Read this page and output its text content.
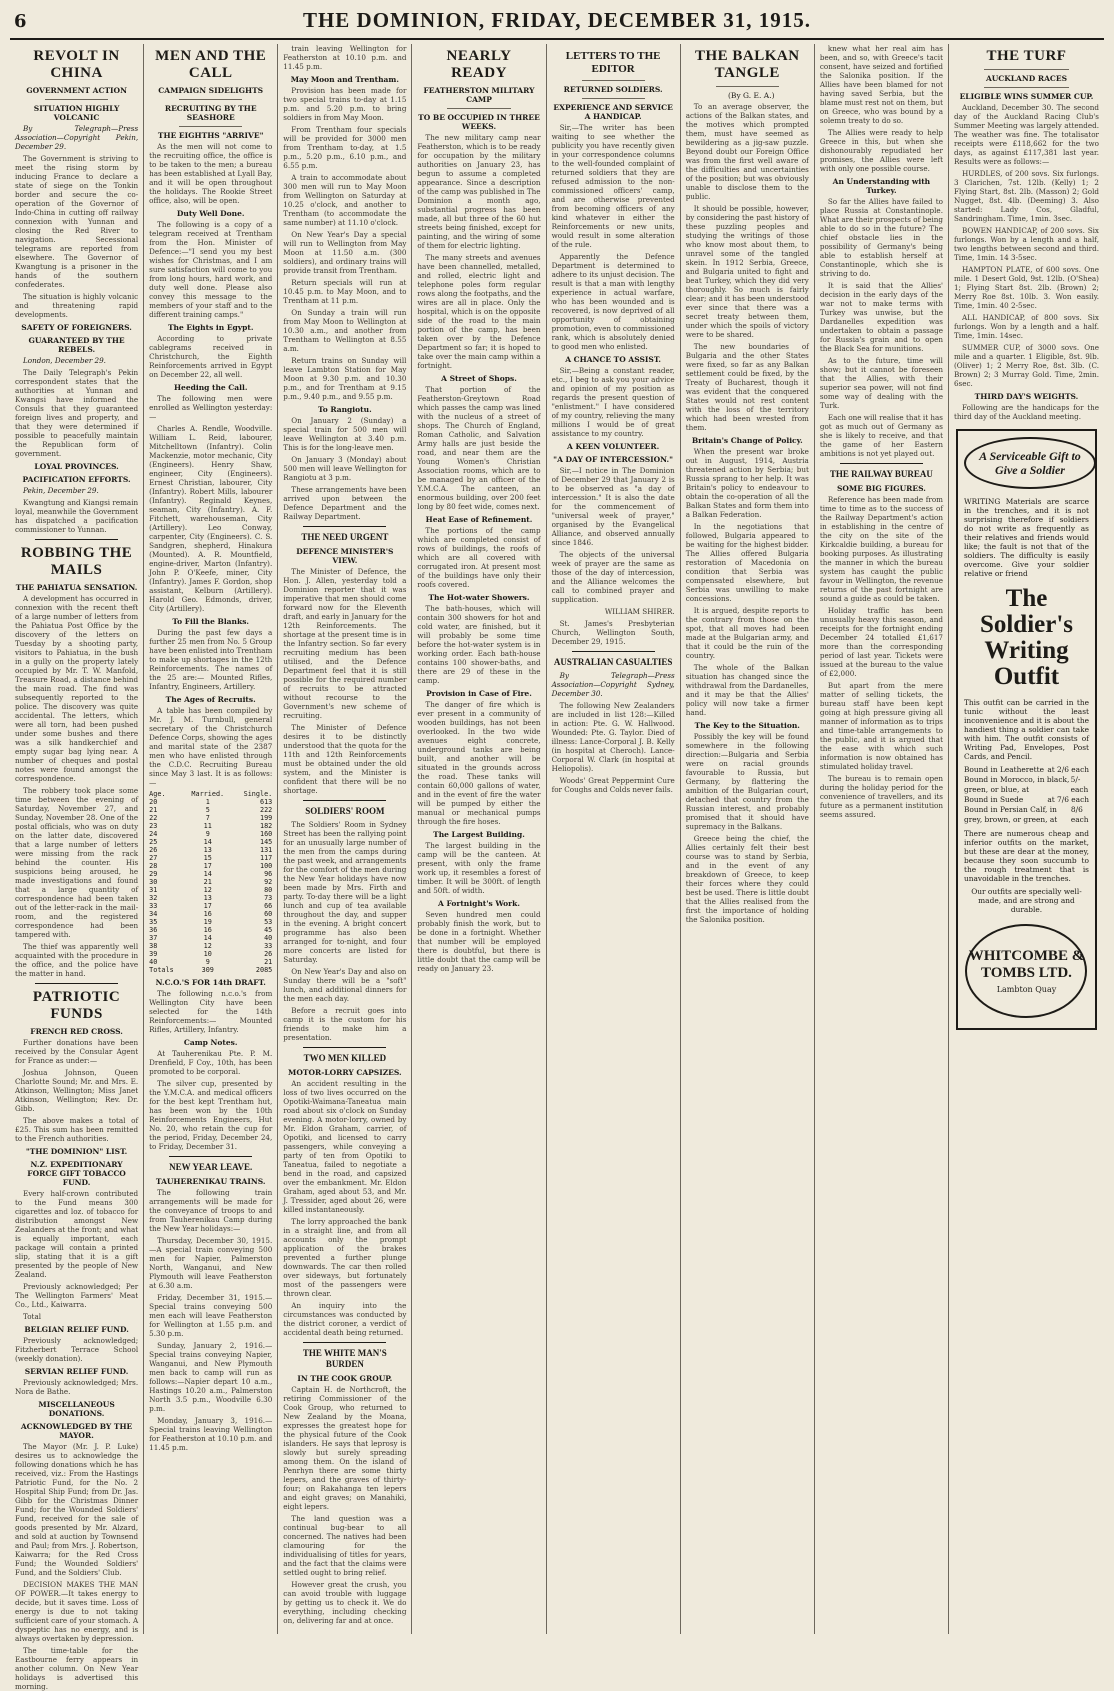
6	THE DOMINION, FRIDAY, DECEMBER 31, 1915.
REVOLT IN CHINA
GOVERNMENT ACTION
SITUATION HIGHLY VOLCANIC

By Telegraph—Press Association—Copyright Pekin, December 29.

The Government is striving to meet the rising storm by inducing France to declare a state of siege on the Tonkin border and secure the co-operation of the Governor of Indo-China in cutting off railway connexion with Yunnan and closing the Red River to navigation. Secessional telegrams are reported from elsewhere. The Governor of Kwangtung is a prisoner in the hands of the southern confederates.

The situation is highly volcanic and threatening rapid developments.

SAFETY OF FOREIGNERS.
GUARANTEED BY THE REBELS.

London, December 29.

The Daily Telegraph's Pekin correspondent states that the authorities at Yunnan and Kwangsi have informed the Consuls that they guaranteed foreign lives and property, and that they were determined if possible to peacefully maintain the Republican form of government.

LOYAL PROVINCES.
PACIFICATION EFFORTS.

Pekin, December 29.

Kwangtung and Kiangsi remain loyal, meanwhile the Government has dispatched a pacification commissioner to Yunnan.

ROBBING THE MAILS
THE PAHIATUA SENSATION.

A development has occurred in connexion with the recent theft of a large number of letters from the Pahiatua Post Office by the discovery of the letters on Tuesday by a shooting party, visitors to Pahiatua, in the bush in a gully on the property lately occupied by Mr. T. W. Manfold, Treasure Road, a distance behind the main road. The find was subsequently reported to the police. The discovery was quite accidental. The letters, which were all torn, had been pushed under some bushes and there was a silk handkerchief and empty sugar bag lying near. A number of cheques and postal notes were found amongst the correspondence.

The robbery took place some time between the evening of Saturday, November 27, and Sunday, November 28. One of the postal officials, who was on duty on the latter date, discovered that a large number of letters were missing from the rack behind the counter. His suspicions being aroused, he made investigations and found that a large quantity of correspondence had been taken out of the letter-rack in the mail-room, and the registered correspondence had been tampered with.

The thief was apparently well acquainted with the procedure in the office, and the police have the matter in hand.

PATRIOTIC FUNDS
FRENCH RED CROSS.

Further donations have been received by the Consular Agent for France as under:—

Joshua Johnson, Queen Charlotte Sound; Mr. and Mrs. E. Atkinson, Wellington; Miss Janet Atkinson, Wellington; Rev. Dr. Gibb.

The above makes a total of £25. This sum has been remitted to the French authorities.

"THE DOMINION" LIST.
N.Z. EXPEDITIONARY FORCE GIFT TOBACCO FUND.

Every half-crown contributed to the Fund means 300 cigarettes and loz. of tobacco for distribution amongst New Zealanders at the front; and what is equally important, each package will contain a printed slip, stating that it is a gift presented by the people of New Zealand.

Previously acknowledged; Per The Wellington Farmers' Meat Co., Ltd., Kaiwarra.

Total

BELGIAN RELIEF FUND.

Previously acknowledged; Fitzherbert Terrace School (weekly donation).

SERVIAN RELIEF FUND.

Previously acknowledged; Mrs. Nora de Bathe.

MISCELLANEOUS DONATIONS.
ACKNOWLEDGED BY THE MAYOR.

The Mayor (Mr. J. P. Luke) desires us to acknowledge the following donations which he has received, viz.: From the Hastings Patriotic Fund, for the No. 2 Hospital Ship Fund; from Dr. Jas. Gibb for the Christmas Dinner Fund; for the Wounded Soldiers' Fund, received for the sale of goods presented by Mr. Alzard, and sold at auction by Townsend and Paul; from Mrs. J. Robertson, Kaiwarra; for the Red Cross Fund; the Wounded Soldiers' Fund, and the Soldiers' Club.

DECISION MAKES THE MAN OF POWER.—It takes energy to decide, but it saves time. Loss of energy is due to not taking sufficient care of your stomach. A dyspeptic has no energy, and is always overtaken by depression.

The time-table for the Eastbourne ferry appears in another column. On New Year holidays is advertised this morning.

MEN AND THE CALL
CAMPAIGN SIDELIGHTS
RECRUITING BY THE SEASHORE
THE EIGHTHS "ARRIVE"

As the men will not come to the recruiting office, the office is to be taken to the men; a bureau has been established at Lyall Bay, and it will be open throughout the holidays. The Rookie Street office, also, will be open.

Duty Well Done.

The following is a copy of a telegram received at Trentham from the Hon. Minister of Defence:—"I send you my best wishes for Christmas, and I am sure satisfaction will come to you from long hours, hard work, and duty well done. Please also convey this message to the members of your staff and to the different training camps."

The Eights in Egypt.

According to private cablegrams received in Christchurch, the Eighth Reinforcements arrived in Egypt on December 22, all well.

Heeding the Call.

The following men were enrolled as Wellington yesterday:—

Charles A. Rendle, Woodville. William L. Reid, labourer, Mitchelltown (Infantry). Colin Mackenzie, motor mechanic, City (Engineers). Henry Shaw, engineer, City (Engineers). Ernest Christian, labourer, City (Infantry). Robert Mills, labourer (Infantry). Reginald Keynes, seaman, City (Infantry). A. F. Fitchett, warehouseman, City (Artillery). Leo Conway, carpenter, City (Engineers). C. S. Sandgren, shepherd, Hinakura (Mounted). A. R. Mountfield, engine-driver, Marton (Infantry). John P. O'Keefe, miner, City (Infantry). James F. Gordon, shop assistant, Kelburn (Artillery). Harold Geo. Edmonds, driver, City (Artillery).

To Fill the Blanks.

During the past few days a further 25 men from No. 5 Group have been enlisted into Trentham to make up shortages in the 12th Reinforcements. The names of the 25 are:— Mounted Rifles, Infantry, Engineers, Artillery.

The Ages of Recruits.

A table has been compiled by Mr. J. M. Turnbull, general secretary of the Christchurch Defence Corps, showing the ages and marital state of the 2387 men who have enlisted through the C.D.C. Recruiting Bureau since May 3 last. It is as follows:—

Age.	Married.	Single.
20	1	613
21	5	222
22	7	199
23	11	182
24	9	160
25	14	145
26	13	131
27	15	117
28	17	100
29	14	96
30	21	92
31	12	80
32	13	73
33	17	66
34	16	60
35	19	53
36	16	45
37	14	40
38	12	33
39	10	26
40	9	21
Totals	309	2085
N.C.O.'S FOR 14th DRAFT.

The following n.c.o.'s from Wellington City have been selected for the 14th Reinforcements:— Mounted Rifles, Artillery, Infantry.

Camp Notes.

At Tauherenikau Pte. P. M. Drenfield, F Coy., 10th, has been promoted to be corporal.

The silver cup, presented by the Y.M.C.A. and medical officers for the best kept Trentham hut, has been won by the 10th Reinforcements Engineers, Hut No. 20, who retain the cup for the period, Friday, December 24, to Friday, December 31.

NEW YEAR LEAVE.
TAUHERENIKAU TRAINS.

The following train arrangements will be made for the conveyance of troops to and from Tauherenikau Camp during the New Year holidays:—

Thursday, December 30, 1915.—A special train conveying 500 men for Napier, Palmerston North, Wanganui, and New Plymouth will leave Featherston at 6.30 a.m.

Friday, December 31, 1915.—Special trains conveying 500 men each will leave Featherston for Wellington at 1.55 p.m. and 5.30 p.m.

Sunday, January 2, 1916.—Special trains conveying Napier, Wanganui, and New Plymouth men back to camp will run as follows:—Napier depart 10 a.m., Hastings 10.20 a.m., Palmerston North 3.5 p.m., Woodville 6.30 p.m.

Monday, January 3, 1916.—Special trains leaving Wellington for Featherston at 10.10 p.m. and 11.45 p.m.

train leaving Wellington for Featherston at 10.10 p.m. and 11.45 p.m.

May Moon and Trentham.

Provision has been made for two special trains to-day at 1.15 p.m. and 5.20 p.m. to bring soldiers in from May Moon.

From Trentham four specials will be provided for 3000 men from Trentham to-day, at 1.5 p.m., 5.20 p.m., 6.10 p.m., and 6.55 p.m.

A train to accommodate about 300 men will run to May Moon from Wellington on Saturday at 10.25 o'clock, and another to Trentham (to accommodate the same number) at 11.10 o'clock.

On New Year's Day a special will run to Wellington from May Moon at 11.50 a.m. (300 soldiers), and ordinary trains will provide transit from Trentham.

Return specials will run at 10.45 p.m. to May Moon, and to Trentham at 11 p.m.

On Sunday a train will run from May Moon to Wellington at 10.30 a.m., and another from Trentham to Wellington at 8.55 a.m.

Return trains on Sunday will leave Lambton Station for May Moon at 9.30 p.m. and 10.30 p.m., and for Trentham at 9.15 p.m., 9.40 p.m., and 9.55 p.m.

To Rangiotu.

On January 2 (Sunday) a special train for 500 men will leave Wellington at 3.40 p.m. This is for the long-leave men.

On January 3 (Monday) about 500 men will leave Wellington for Rangiotu at 3 p.m.

These arrangements have been arrived upon between the Defence Department and the Railway Department.

THE NEED URGENT
DEFENCE MINISTER'S VIEW.

The Minister of Defence, the Hon. J. Allen, yesterday told a Dominion reporter that it was imperative that men should come forward now for the Eleventh draft, and early in January for the 12th Reinforcements. The shortage at the present time is in the Infantry section. So far every recruiting medium has been utilised, and the Defence Department feel that it is still possible for the required number of recruits to be attracted without recourse to the Government's new scheme of recruiting.

The Minister of Defence desires it to be distinctly understood that the quota for the 11th and 12th Reinforcements must be obtained under the old system, and the Minister is confident that there will be no shortage.

SOLDIERS' ROOM

The Soldiers' Room in Sydney Street has been the rallying point for an unusually large number of the men from the camps during the past week, and arrangements for the comfort of the men during the New Year holidays have now been made by Mrs. Firth and party. To-day there will be a light lunch and cup of tea available throughout the day, and supper in the evening. A bright concert programme has also been arranged for to-night, and four more concerts are listed for Saturday.

On New Year's Day and also on Sunday there will be a "soft" lunch, and additional dinners for the men each day.

Before a recruit goes into camp it is the custom for his friends to make him a presentation.

TWO MEN KILLED
MOTOR-LORRY CAPSIZES.

An accident resulting in the loss of two lives occurred on the Opotiki-Waimana-Taneatua main road about six o'clock on Sunday evening. A motor-lorry, owned by Mr. Eldon Graham, carrier, of Opotiki, and licensed to carry passengers, while conveying a party of ten from Opotiki to Taneatua, failed to negotiate a bend in the road, and capsized over the embankment. Mr. Eldon Graham, aged about 53, and Mr. J. Tressider, aged about 26, were killed instantaneously.

The lorry approached the bank in a straight line, and from all accounts only the prompt application of the brakes prevented a further plunge downwards. The car then rolled over sideways, but fortunately most of the passengers were thrown clear.

An inquiry into the circumstances was conducted by the district coroner, a verdict of accidental death being returned.

THE WHITE MAN'S BURDEN
IN THE COOK GROUP.

Captain H. de Northcroft, the retiring Commissioner of the Cook Group, who returned to New Zealand by the Moana, expresses the greatest hope for the physical future of the Cook islanders. He says that leprosy is slowly but surely spreading among them. On the island of Penrhyn there are some thirty lepers, and the graves of thirty-four; on Rakahanga ten lepers and eight graves; on Manahiki, eight lepers.

The land question was a continual bug-bear to all concerned. The natives had been clamouring for the individualising of titles for years, and the fact that the claims were settled ought to bring relief.

However great the crush, you can avoid trouble with luggage by getting us to check it. We do everything, including checking on, delivering far and at once.

NEARLY READY
FEATHERSTON MILITARY CAMP
TO BE OCCUPIED IN THREE WEEKS.

The new military camp near Featherston, which is to be ready for occupation by the military authorities on January 23, has begun to assume a completed appearance. Since a description of the camp was published in The Dominion a month ago, substantial progress has been made, all but three of the 60 hut streets being finished, except for painting, and the wiring of some of them for electric lighting.

The many streets and avenues have been channelled, metalled, and rolled, electric light and telephone poles form regular rows along the footpaths, and the wires are all in place. Only the hospital, which is on the opposite side of the road to the main portion of the camp, has been taken over by the Defence Department so far; it is hoped to take over the main camp within a fortnight.

A Street of Shops.

That portion of the Featherston-Greytown Road which passes the camp was lined with the nucleus of a street of shops. The Church of England, Roman Catholic, and Salvation Army halls are just beside the road, and near them are the Young Women's Christian Association rooms, which are to be managed by an officer of the Y.M.C.A. The canteen, an enormous building, over 200 feet long by 80 feet wide, comes next.

Heat Ease of Refinement.

The portions of the camp which are completed consist of rows of buildings, the roofs of which are all covered with corrugated iron. At present most of the buildings have only their roofs covered.

The Hot-water Showers.

The bath-houses, which will contain 300 showers for hot and cold water, are finished, but it will probably be some time before the hot-water system is in working order. Each bath-house contains 100 shower-baths, and there are 29 of these in the camp.

Provision in Case of Fire.

The danger of fire which is ever present in a community of wooden buildings, has not been overlooked. In the two wide avenues eight concrete, underground tanks are being built, and another will be situated in the grounds across the road. These tanks will contain 60,000 gallons of water, and in the event of fire the water will be pumped by either the manual or mechanical pumps through the fire hoses.

The Largest Building.

The largest building in the camp will be the canteen. At present, with only the frame work up, it resembles a forest of timber. It will be 300ft. of length and 50ft. of width.

A Fortnight's Work.

Seven hundred men could probably finish the work, but to be done in a fortnight. Whether that number will be employed there is doubtful, but there is little doubt that the camp will be ready on January 23.

LETTERS TO THE EDITOR
RETURNED SOLDIERS.
EXPERIENCE AND SERVICE A HANDICAP.

Sir,—The writer has been waiting to see whether the publicity you have recently given in your correspondence columns to the well-founded complaint of returned soldiers that they are refused admission to the non-commissioned officers' camp, and are otherwise prevented from becoming officers of any kind whatever in either the Reinforcements or new units, would result in some alteration of the rule.

Apparently the Defence Department is determined to adhere to its unjust decision. The result is that a man with lengthy experience in actual warfare, who has been wounded and is recovered, is now deprived of all opportunity of obtaining promotion, even to commissioned rank, which is absolutely denied to good men who enlisted.

A CHANCE TO ASSIST.

Sir,—Being a constant reader, etc., I beg to ask you your advice and opinion of my position as regards the present question of "enlistment." I have considered of my country, relieving the many millions I would be of great assistance to my country.

A KEEN VOLUNTEER.
"A DAY OF INTERCESSION."

Sir,—I notice in The Dominion of December 29 that January 2 is to be observed as "a day of intercession." It is also the date for the commencement of "universal week of prayer," organised by the Evangelical Alliance, and observed annually since 1846.

The objects of the universal week of prayer are the same as those of the day of intercession, and the Alliance welcomes the call to combined prayer and supplication.

WILLIAM SHIRER.

St. James's Presbyterian Church, Wellington South, December 29, 1915.

AUSTRALIAN CASUALTIES

By Telegraph—Press Association—Copyright Sydney, December 30.

The following New Zealanders are included in list 128:—Killed in action: Pte. G. W. Hallwood. Wounded: Pte. G. Taylor. Died of illness: Lance-Corporal J. B. Kelly (in hospital at Cheroch). Lance-Corporal W. Clark (in hospital at Heliopolis).

Woods' Great Peppermint Cure for Coughs and Colds never fails.

THE BALKAN TANGLE

(By G. E. A.)

To an average observer, the actions of the Balkan states, and the motives which prompted them, must have seemed as bewildering as a jig-saw puzzle. Beyond doubt our Foreign Office was from the first well aware of the difficulties and uncertainties of the position; but was obviously unable to disclose them to the public.

It should be possible, however, by considering the past history of these puzzling peoples and studying the writings of those who know most about them, to unravel some of the tangled skein. In 1912 Serbia, Greece, and Bulgaria united to fight and beat Turkey, which they did very thoroughly. So much is fairly clear; and it has been understood ever since that there was a secret treaty between them, under which the spoils of victory were to be shared.

The new boundaries of Bulgaria and the other States were fixed, so far as any Balkan settlement could be fixed, by the Treaty of Bucharest, though it was evident that the conquered States would not rest content with the loss of the territory which had been wrested from them.

Britain's Change of Policy.

When the present war broke out in August, 1914, Austria threatened action by Serbia; but Russia sprang to her help. It was Britain's policy to endeavour to obtain the co-operation of all the Balkan States and form them into a Balkan Federation.

In the negotiations that followed, Bulgaria appeared to be waiting for the highest bidder. The Allies offered Bulgaria restoration of Macedonia on condition that Serbia was compensated elsewhere, but Serbia was unwilling to make concessions.

It is argued, despite reports to the contrary from those on the spot, that all moves had been made at the Bulgarian army, and that it could be the ruin of the country.

The whole of the Balkan situation has changed since the withdrawal from the Dardanelles, and it may be that the Allies' policy will now take a firmer hand.

The Key to the Situation.

Possibly the key will be found somewhere in the following direction:—Bulgaria and Serbia were on racial grounds favourable to Russia, but Germany, by flattering the ambition of the Bulgarian court, detached that country from the Russian interest, and probably promised that it should have supremacy in the Balkans.

Greece being the chief, the Allies certainly felt their best course was to stand by Serbia, and in the event of any breakdown of Greece, to keep their forces where they could best be used. There is little doubt that the Allies realised from the first the importance of holding the Salonika position.

knew what her real aim has been, and so, with Greece's tacit consent, have seized and fortified the Salonika position. If the Allies have been blamed for not having saved Serbia, but the blame must rest not on them, but on Greece, who was bound by a solemn treaty to do so.

The Allies were ready to help Greece in this, but when she dishonourably repudiated her promises, the Allies were left with only one possible course.

An Understanding with Turkey.

So far the Allies have failed to place Russia at Constantinople. What are their prospects of being able to do so in the future? The chief obstacle lies in the possibility of Germany's being able to establish herself at Constantinople, which she is striving to do.

It is said that the Allies' decision in the early days of the war not to make terms with Turkey was unwise, but the Dardanelles expedition was undertaken to obtain a passage for Russia's grain and to open the Black Sea for munitions.

As to the future, time will show; but it cannot be foreseen that the Allies, with their superior sea power, will not find some way of dealing with the Turk.

Each one will realise that it has got as much out of Germany as she is likely to receive, and that the game of her Eastern ambitions is not yet played out.

THE RAILWAY BUREAU
SOME BIG FIGURES.

Reference has been made from time to time as to the success of the Railway Department's action in establishing in the centre of the city on the site of the Kirkcaldie building, a bureau for booking purposes. As illustrating the manner in which the bureau system has caught the public favour in Wellington, the revenue returns of the past fortnight are sound a guide as could be taken.

Holiday traffic has been unusually heavy this season, and receipts for the fortnight ending December 24 totalled £1,617 more than the corresponding period of last year. Tickets were issued at the bureau to the value of £2,000.

But apart from the mere matter of selling tickets, the bureau staff have been kept going at high pressure giving all manner of information as to trips and time-table arrangements to the public, and it is argued that the ease with which such information is now obtained has stimulated holiday travel.

The bureau is to remain open during the holiday period for the convenience of travellers, and its future as a permanent institution seems assured.

THE TURF
AUCKLAND RACES
ELIGIBLE WINS SUMMER CUP.

Auckland, December 30. The second day of the Auckland Racing Club's Summer Meeting was largely attended. The weather was fine. The totalisator receipts were £118,662 for the two days, as against £117,381 last year. Results were as follows:—

HURDLES, of 200 sovs. Six furlongs. 3 Clarichen, 7st. 12lb. (Kelly) 1; 2 Flying Start, 8st. 2lb. (Masson) 2; Gold Nugget, 8st. 4lb. (Deeming) 3. Also started: Lady Cos, Gladful, Sandringham. Time, 1min. 3sec.

BOWEN HANDICAP, of 200 sovs. Six furlongs. Won by a length and a half, two lengths between second and third. Time, 1min. 14 3-5sec.

HAMPTON PLATE, of 600 sovs. One mile. 1 Desert Gold, 9st. 12lb. (O'Shea) 1; Flying Start 8st. 2lb. (Brown) 2; Merry Roe 8st. 10lb. 3. Won easily. Time, 1min. 40 2-5sec.

ALL HANDICAP, of 800 sovs. Six furlongs. Won by a length and a half. Time, 1min. 14sec.

SUMMER CUP, of 3000 sovs. One mile and a quarter. 1 Eligible, 8st. 9lb. (Oliver) 1; 2 Merry Roe, 8st. 3lb. (C. Brown) 2; 3 Murray Gold. Time, 2min. 6sec.

THIRD DAY'S WEIGHTS.

Following are the handicaps for the third day of the Auckland meeting.

A Serviceable Gift to Give a Soldier
WRITING Materials are scarce in the trenches, and it is not surprising therefore if soldiers do not write as frequently as their relatives and friends would like; the fault is not that of the soldiers. The difficulty is easily overcome. Give your soldier relative or friend
The Soldier's Writing Outfit
This outfit can be carried in the tunic without the least inconvenience and it is about the handiest thing a soldier can take with him. The outfit consists of Writing Pad, Envelopes, Post Cards, and Pencil.
Bound in Leatherette at 2/6 each
Bound in Morocco, in black, green, or blue, at
5/- each
Bound in Suede	at 7/6 each
Bound in Persian Calf, in grey, brown, or green, at
8/6 each
There are numerous cheap and inferior outfits on the market, but these are dear at the money, because they soon succumb to the rough treatment that is unavoidable in the trenches.
Our outfits are specially well-made, and are strong and durable.
WHITCOMBE & TOMBS LTD.
Lambton Quay
